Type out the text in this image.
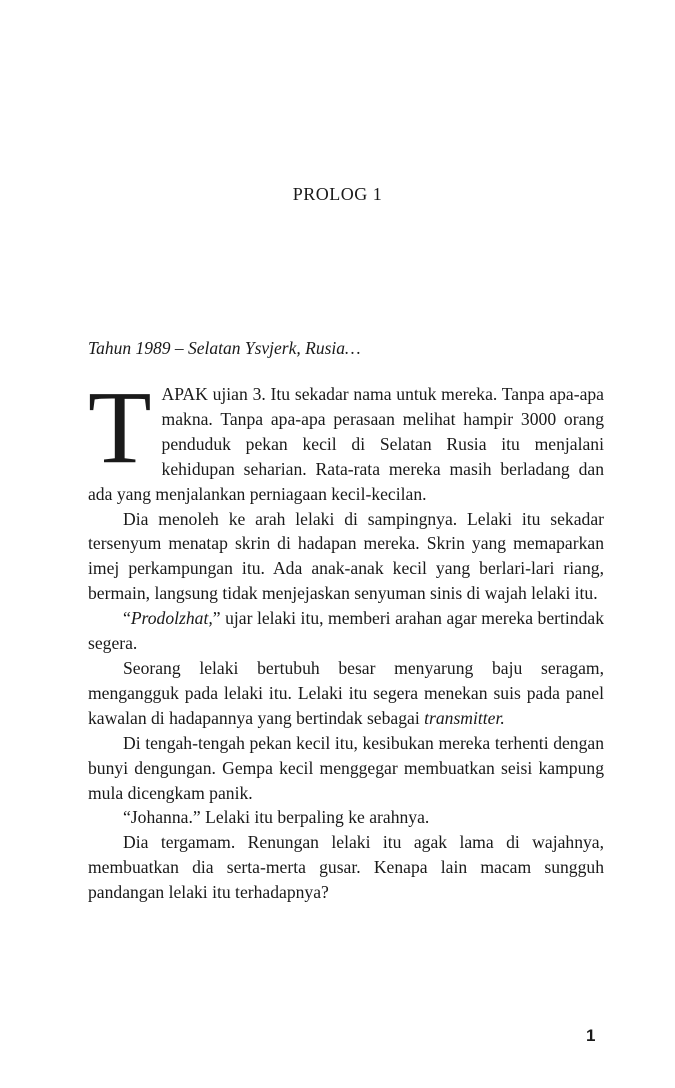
PROLOG 1
Tahun 1989 – Selatan Ysvjerk, Rusia…

TAPAK ujian 3. Itu sekadar nama untuk mereka. Tanpa apa-apa makna. Tanpa apa-apa perasaan melihat hampir 3000 orang penduduk pekan kecil di Selatan Rusia itu menjalani kehidupan seharian. Rata-rata mereka masih berladang dan ada yang menjalankan perniagaan kecil-kecilan.

Dia menoleh ke arah lelaki di sampingnya. Lelaki itu sekadar tersenyum menatap skrin di hadapan mereka. Skrin yang memaparkan imej perkampungan itu. Ada anak-anak kecil yang berlari-lari riang, bermain, langsung tidak menjejaskan senyuman sinis di wajah lelaki itu.

“Prodolzhat,” ujar lelaki itu, memberi arahan agar mereka bertindak segera.

Seorang lelaki bertubuh besar menyarung baju seragam, mengangguk pada lelaki itu. Lelaki itu segera menekan suis pada panel kawalan di hadapannya yang bertindak sebagai transmitter.

Di tengah-tengah pekan kecil itu, kesibukan mereka terhenti dengan bunyi dengungan. Gempa kecil menggegar membuatkan seisi kampung mula dicengkam panik.

“Johanna.” Lelaki itu berpaling ke arahnya.

Dia tergamam. Renungan lelaki itu agak lama di wajahnya, membuatkan dia serta-merta gusar. Kenapa lain macam sungguh pandangan lelaki itu terhadapnya?

1
